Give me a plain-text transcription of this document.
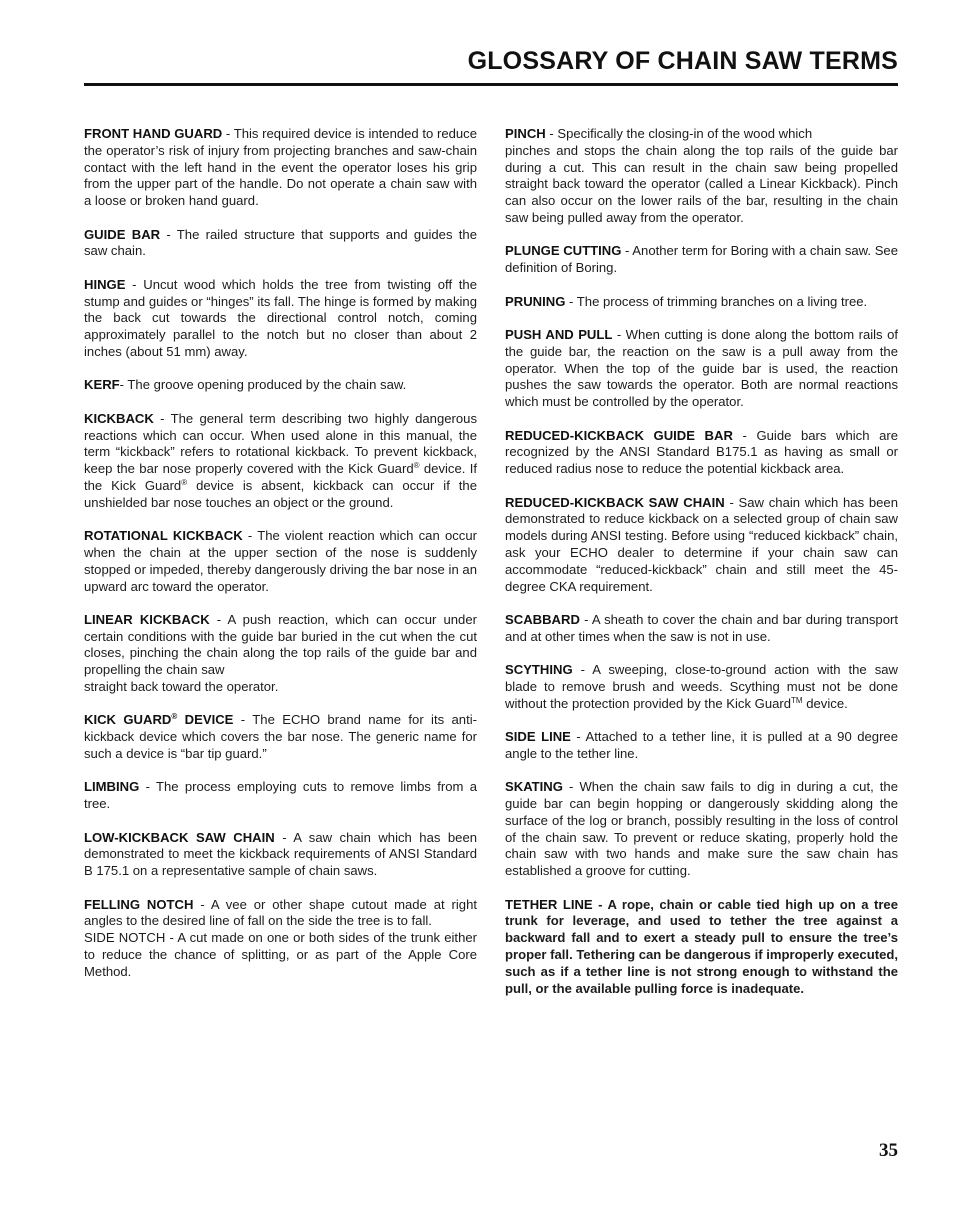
GLOSSARY OF CHAIN SAW TERMS

FRONT HAND GUARD - This required device is intended to reduce the operator’s risk of injury from projecting branches and saw-chain contact with the left hand in the event the operator loses his grip from the upper part of the handle. Do not operate a chain saw with a loose or broken hand guard.

GUIDE BAR - The railed structure that supports and guides the saw chain.

HINGE - Uncut wood which holds the tree from twisting off the stump and guides or “hinges” its fall. The hinge is formed by making the back cut towards the directional control notch, coming approximately parallel to the notch but no closer than about 2 inches (about 51 mm) away.

KERF- The groove opening produced by the chain saw.

KICKBACK - The general term describing two highly dangerous reactions which can occur. When used alone in this manual, the term “kickback” refers to rotational kickback. To prevent kickback, keep the bar nose properly covered with the Kick Guard® device. If the Kick Guard® device is absent, kickback can occur if the unshielded bar nose touches an object or the ground.

ROTATIONAL KICKBACK - The violent reaction which can occur when the chain at the upper section of the nose is suddenly stopped or impeded, thereby dangerously driving the bar nose in an upward arc toward the operator.

LINEAR KICKBACK - A push reaction, which can occur under certain conditions with the guide bar buried in the cut when the cut closes, pinching the chain along the top rails of the guide bar and propelling the chain saw
straight back toward the operator.

KICK GUARD® DEVICE - The ECHO brand name for its anti-kickback device which covers the bar nose. The generic name for such a device is “bar tip guard.”

LIMBING - The process employing cuts to remove limbs from a tree.

LOW-KICKBACK SAW CHAIN - A saw chain which has been demonstrated to meet the kickback requirements of ANSI Standard B 175.1 on a representative sample of chain saws.

FELLING NOTCH - A vee or other shape cutout made at right angles to the desired line of fall on the side the tree is to fall.
SIDE NOTCH - A cut made on one or both sides of the trunk either to reduce the chance of splitting, or as part of the Apple Core Method.

PINCH - Specifically the closing-in of the wood which
pinches and stops the chain along the top rails of the guide bar during a cut. This can result in the chain saw being propelled straight back toward the operator (called a Linear Kickback). Pinch can also occur on the lower rails of the bar, resulting in the chain saw being pulled away from the operator.

PLUNGE CUTTING - Another term for Boring with a chain saw. See definition of Boring.

PRUNING - The process of trimming branches on a living tree.

PUSH AND PULL - When cutting is done along the bottom rails of the guide bar, the reaction on the saw is a pull away from the operator. When the top of the guide bar is used, the reaction pushes the saw towards the operator. Both are normal reactions which must be controlled by the operator.

REDUCED-KICKBACK GUIDE BAR - Guide bars which are recognized by the ANSI Standard B175.1 as having as small or reduced radius nose to reduce the potential kickback area.

REDUCED-KICKBACK SAW CHAIN - Saw chain which has been demonstrated to reduce kickback on a selected group of chain saw models during ANSI testing. Before using “reduced kickback” chain, ask your ECHO dealer to determine if your chain saw can accommodate “reduced-kickback” chain and still meet the 45-degree CKA requirement.

SCABBARD - A sheath to cover the chain and bar during transport and at other times when the saw is not in use.

SCYTHING - A sweeping, close-to-ground action with the saw blade to remove brush and weeds. Scything must not be done without the protection provided by the Kick Guard™ device.

SIDE LINE - Attached to a tether line, it is pulled at a 90 degree angle to the tether line.

SKATING - When the chain saw fails to dig in during a cut, the guide bar can begin hopping or dangerously skidding along the surface of the log or branch, possibly resulting in the loss of control of the chain saw. To prevent or reduce skating, properly hold the chain saw with two hands and make sure the saw chain has established a groove for cutting.

TETHER LINE - A rope, chain or cable tied high up on a tree trunk for leverage, and used to tether the tree against a backward fall and to exert a steady pull to ensure the tree’s proper fall. Tethering can be dangerous if improperly executed, such as if a tether line is not strong enough to withstand the pull, or the available pulling force is inadequate.

35
